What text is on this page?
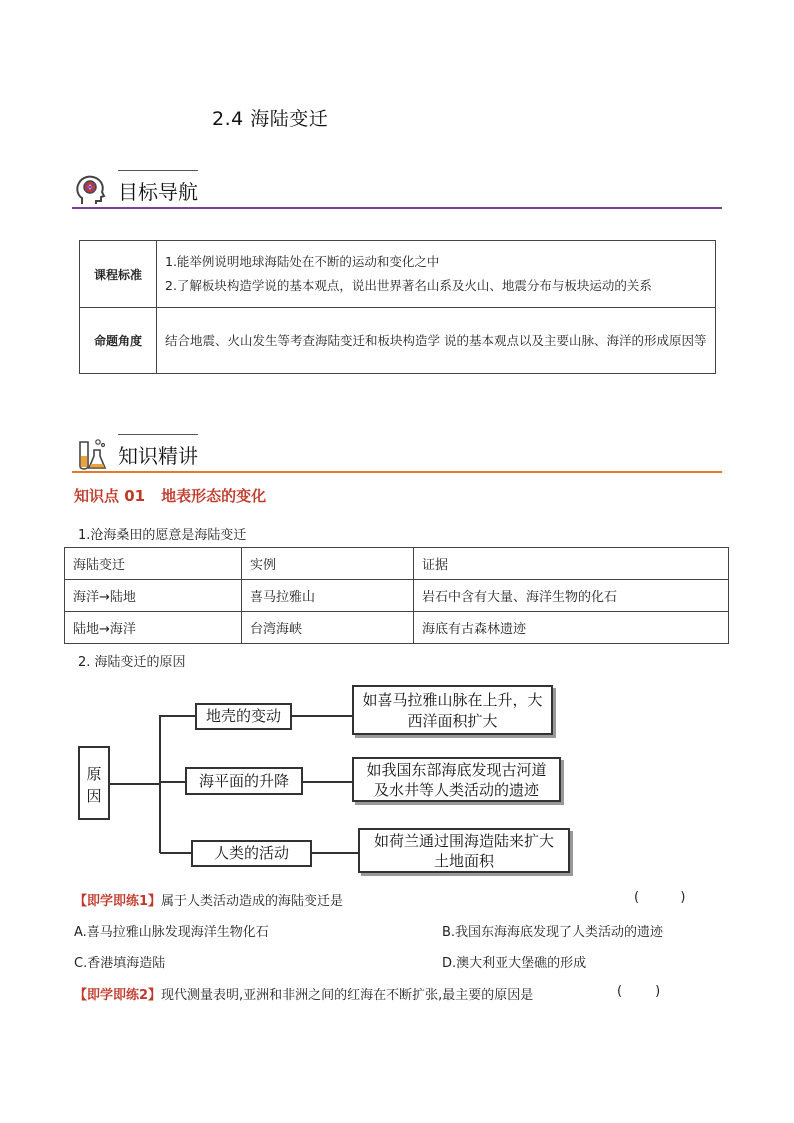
2.4 海陆变迁
目标导航
课程标准	1.能举例说明地球海陆处在不断的运动和变化之中
2.了解板块构造学说的基本观点，说出世界著名山系及火山、地震分布与板块运动的关系

命题角度	结合地震、火山发生等考查海陆变迁和板块构造学 说的基本观点以及主要山脉、海洋的形成原因等
知识精讲
知识点 01 地表形态的变化
1.沧海桑田的愿意是海陆变迁
海陆变迁	实例	证据
海洋→陆地	喜马拉雅山	岩石中含有大量、海洋生物的化石
陆地→海洋	台湾海峡	海底有古森林遗迹
2. 海陆变迁的原因
原
因
地壳的变动
海平面的升降
人类的活动
如喜马拉雅山脉在上升，大西洋面积扩大
如我国东部海底发现古河道及水井等人类活动的遗迹
如荷兰通过围海造陆来扩大土地面积
【即学即练1】属于人类活动造成的海陆变迁是	(          )
A.喜马拉雅山脉发现海洋生物化石	B.我国东海海底发现了人类活动的遗迹
C.香港填海造陆	D.澳大利亚大堡礁的形成
【即学即练2】现代测量表明,亚洲和非洲之间的红海在不断扩张,最主要的原因是	(        )
